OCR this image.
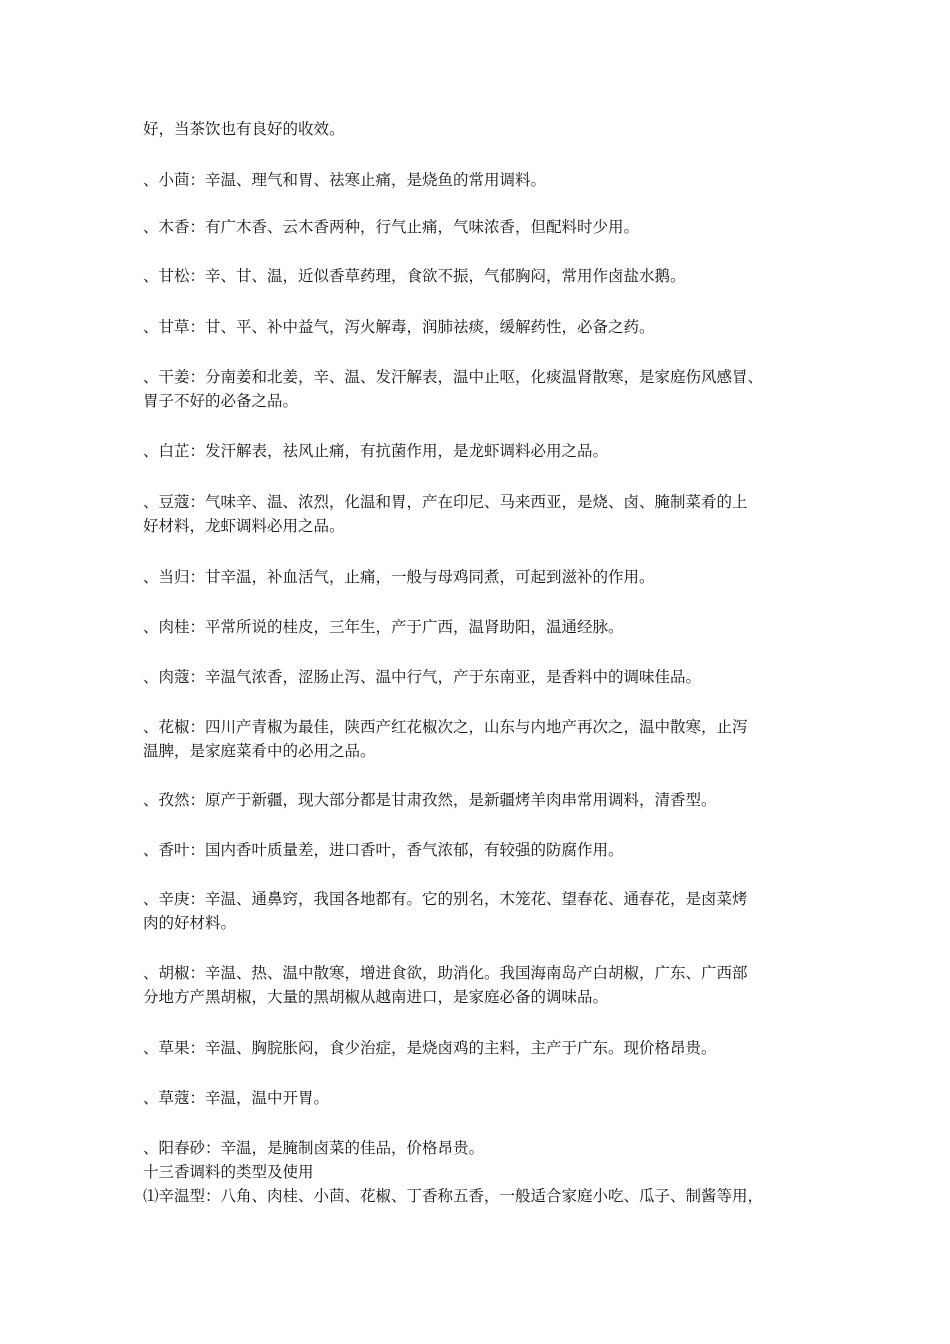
好，当茶饮也有良好的收效。
、小茴：辛温、理气和胃、祛寒止痛，是烧鱼的常用调料。
、木香：有广木香、云木香两种，行气止痛，气味浓香，但配料时少用。
、甘松：辛、甘、温，近似香草药理，食欲不振，气郁胸闷，常用作卤盐水鹅。
、甘草：甘、平、补中益气，泻火解毒，润肺祛痰，缓解药性，必备之药。
、干姜：分南姜和北姜，辛、温、发汗解表，温中止呕，化痰温肾散寒，是家庭伤风感冒、
胃子不好的必备之品。
、白芷：发汗解表，祛风止痛，有抗菌作用，是龙虾调料必用之品。
、豆蔻：气味辛、温、浓烈，化温和胃，产在印尼、马来西亚，是烧、卤、腌制菜肴的上
好材料，龙虾调料必用之品。
、当归：甘辛温，补血活气，止痛，一般与母鸡同煮，可起到滋补的作用。
、肉桂：平常所说的桂皮，三年生，产于广西，温肾助阳，温通经脉。
、肉蔻：辛温气浓香，涩肠止泻、温中行气，产于东南亚，是香料中的调味佳品。
、花椒：四川产青椒为最佳，陕西产红花椒次之，山东与内地产再次之，温中散寒，止泻
温脾，是家庭菜肴中的必用之品。
、孜然：原产于新疆，现大部分都是甘肃孜然，是新疆烤羊肉串常用调料，清香型。
、香叶：国内香叶质量差，进口香叶，香气浓郁，有较强的防腐作用。
、辛庚：辛温、通鼻窍，我国各地都有。它的别名，木笼花、望春花、通春花，是卤菜烤
肉的好材料。
、胡椒：辛温、热、温中散寒，增进食欲，助消化。我国海南岛产白胡椒，广东、广西部
分地方产黑胡椒，大量的黑胡椒从越南进口，是家庭必备的调味品。
、草果：辛温、胸脘胀闷，食少治症，是烧卤鸡的主料，主产于广东。现价格昂贵。
、草蔻：辛温，温中开胃。
、阳春砂：辛温，是腌制卤菜的佳品，价格昂贵。
十三香调料的类型及使用
⑴辛温型：八角、肉桂、小茴、花椒、丁香称五香，一般适合家庭小吃、瓜子、制酱等用，
